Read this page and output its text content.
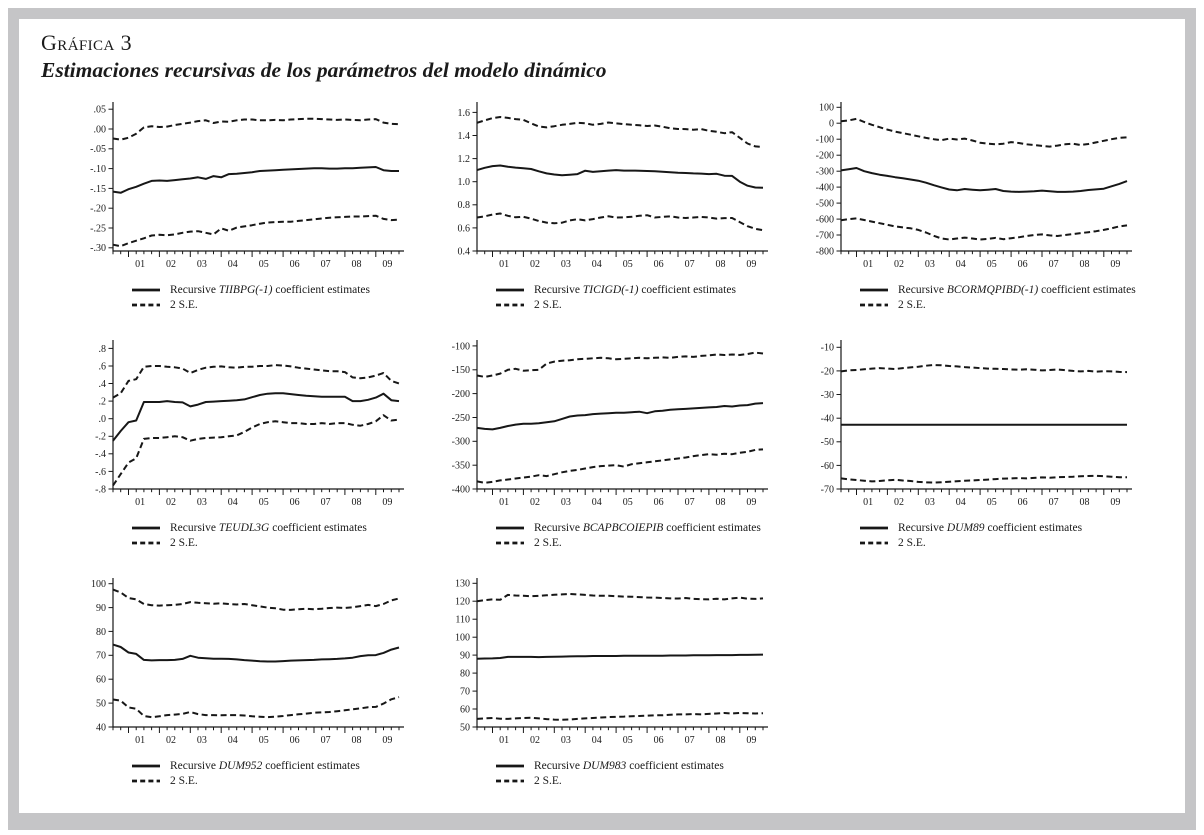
Gráfica 3
Estimaciones recursivas de los parámetros del modelo dinámico
.05
.00
-.05
-.10
-.15
-.20
-.25
-.30
01 02 03 04 05 06 07 08 09
Recursive TIIBPG(-1) coefficient estimates
2 S.E.
1.6
1.4
1.2
1.0
0.8
0.6
0.4
01 02 03 04 05 06 07 08 09
Recursive TICIGD(-1) coefficient estimates
2 S.E.
100
0
-100
-200
-300
-400
-500
-600
-700
-800
01 02 03 04 05 06 07 08 09
Recursive BCORMQPIBD(-1) coefficient estimates
2 S.E.
.8
.6
.4
.2
.0
-.2
-.4
-.6
-.8
01 02 03 04 05 06 07 08 09
Recursive TEUDL3G coefficient estimates
2 S.E.
-100
-150
-200
-250
-300
-350
-400
01 02 03 04 05 06 07 08 09
Recursive BCAPBCOIEPIB coefficient estimates
2 S.E.
-10
-20
-30
-40
-50
-60
-70
01 02 03 04 05 06 07 08 09
Recursive DUM89 coefficient estimates
2 S.E.
100
90
80
70
60
50
40
01 02 03 04 05 06 07 08 09
Recursive DUM952 coefficient estimates
2 S.E.
130
120
110
100
90
80
70
60
50
01 02 03 04 05 06 07 08 09
Recursive DUM983 coefficient estimates
2 S.E.
